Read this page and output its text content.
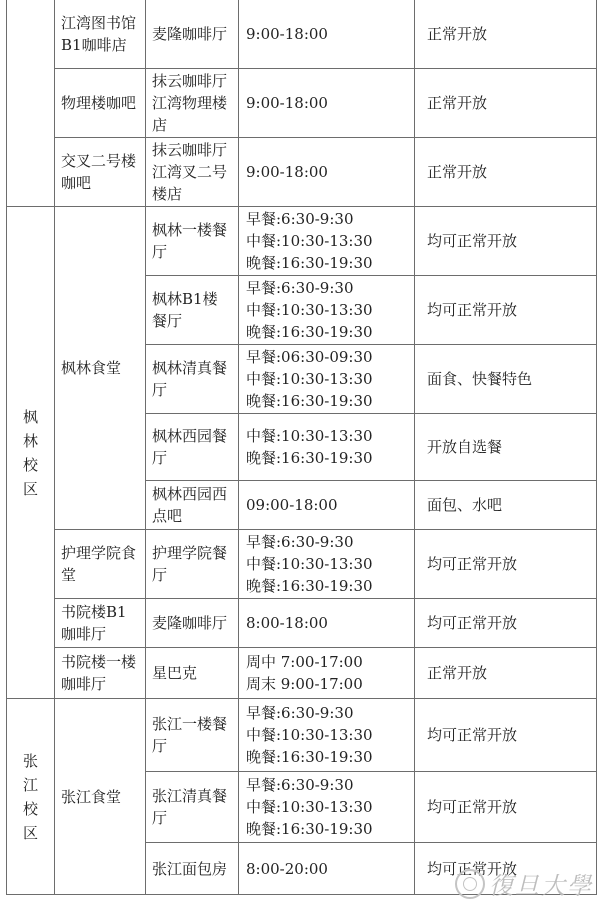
	江湾图书馆B1咖啡店	麦隆咖啡厅	9:00-18:00	正常开放
	物理楼咖吧	抹云咖啡厅江湾物理楼店	9:00-18:00	正常开放
	交叉二号楼咖吧	抹云咖啡厅江湾叉二号楼店	9:00-18:00	正常开放
枫林校区	枫林食堂	枫林一楼餐厅	早餐:6:30-9:30
中餐:10:30-13:30
晚餐:16:30-19:30	均可正常开放
		枫林B1楼餐厅	早餐:6:30-9:30
中餐:10:30-13:30
晚餐:16:30-19:30	均可正常开放
		枫林清真餐厅	早餐:06:30-09:30
中餐:10:30-13:30
晚餐:16:30-19:30	面食、快餐特色
		枫林西园餐厅	中餐:10:30-13:30
晚餐:16:30-19:30	开放自选餐
		枫林西园西点吧	09:00-18:00	面包、水吧
	护理学院食堂	护理学院餐厅	早餐:6:30-9:30
中餐:10:30-13:30
晚餐:16:30-19:30	均可正常开放
	书院楼B1咖啡厅	麦隆咖啡厅	8:00-18:00	均可正常开放
	书院楼一楼咖啡厅	星巴克	周中 7:00-17:00
周末 9:00-17:00	正常开放
张江校区	张江食堂	张江一楼餐厅	早餐:6:30-9:30
中餐:10:30-13:30
晚餐:16:30-19:30	均可正常开放
		张江清真餐厅	早餐:6:30-9:30
中餐:10:30-13:30
晚餐:16:30-19:30	均可正常开放
		张江面包房	8:00-20:00	均可正常开放
復旦大學
